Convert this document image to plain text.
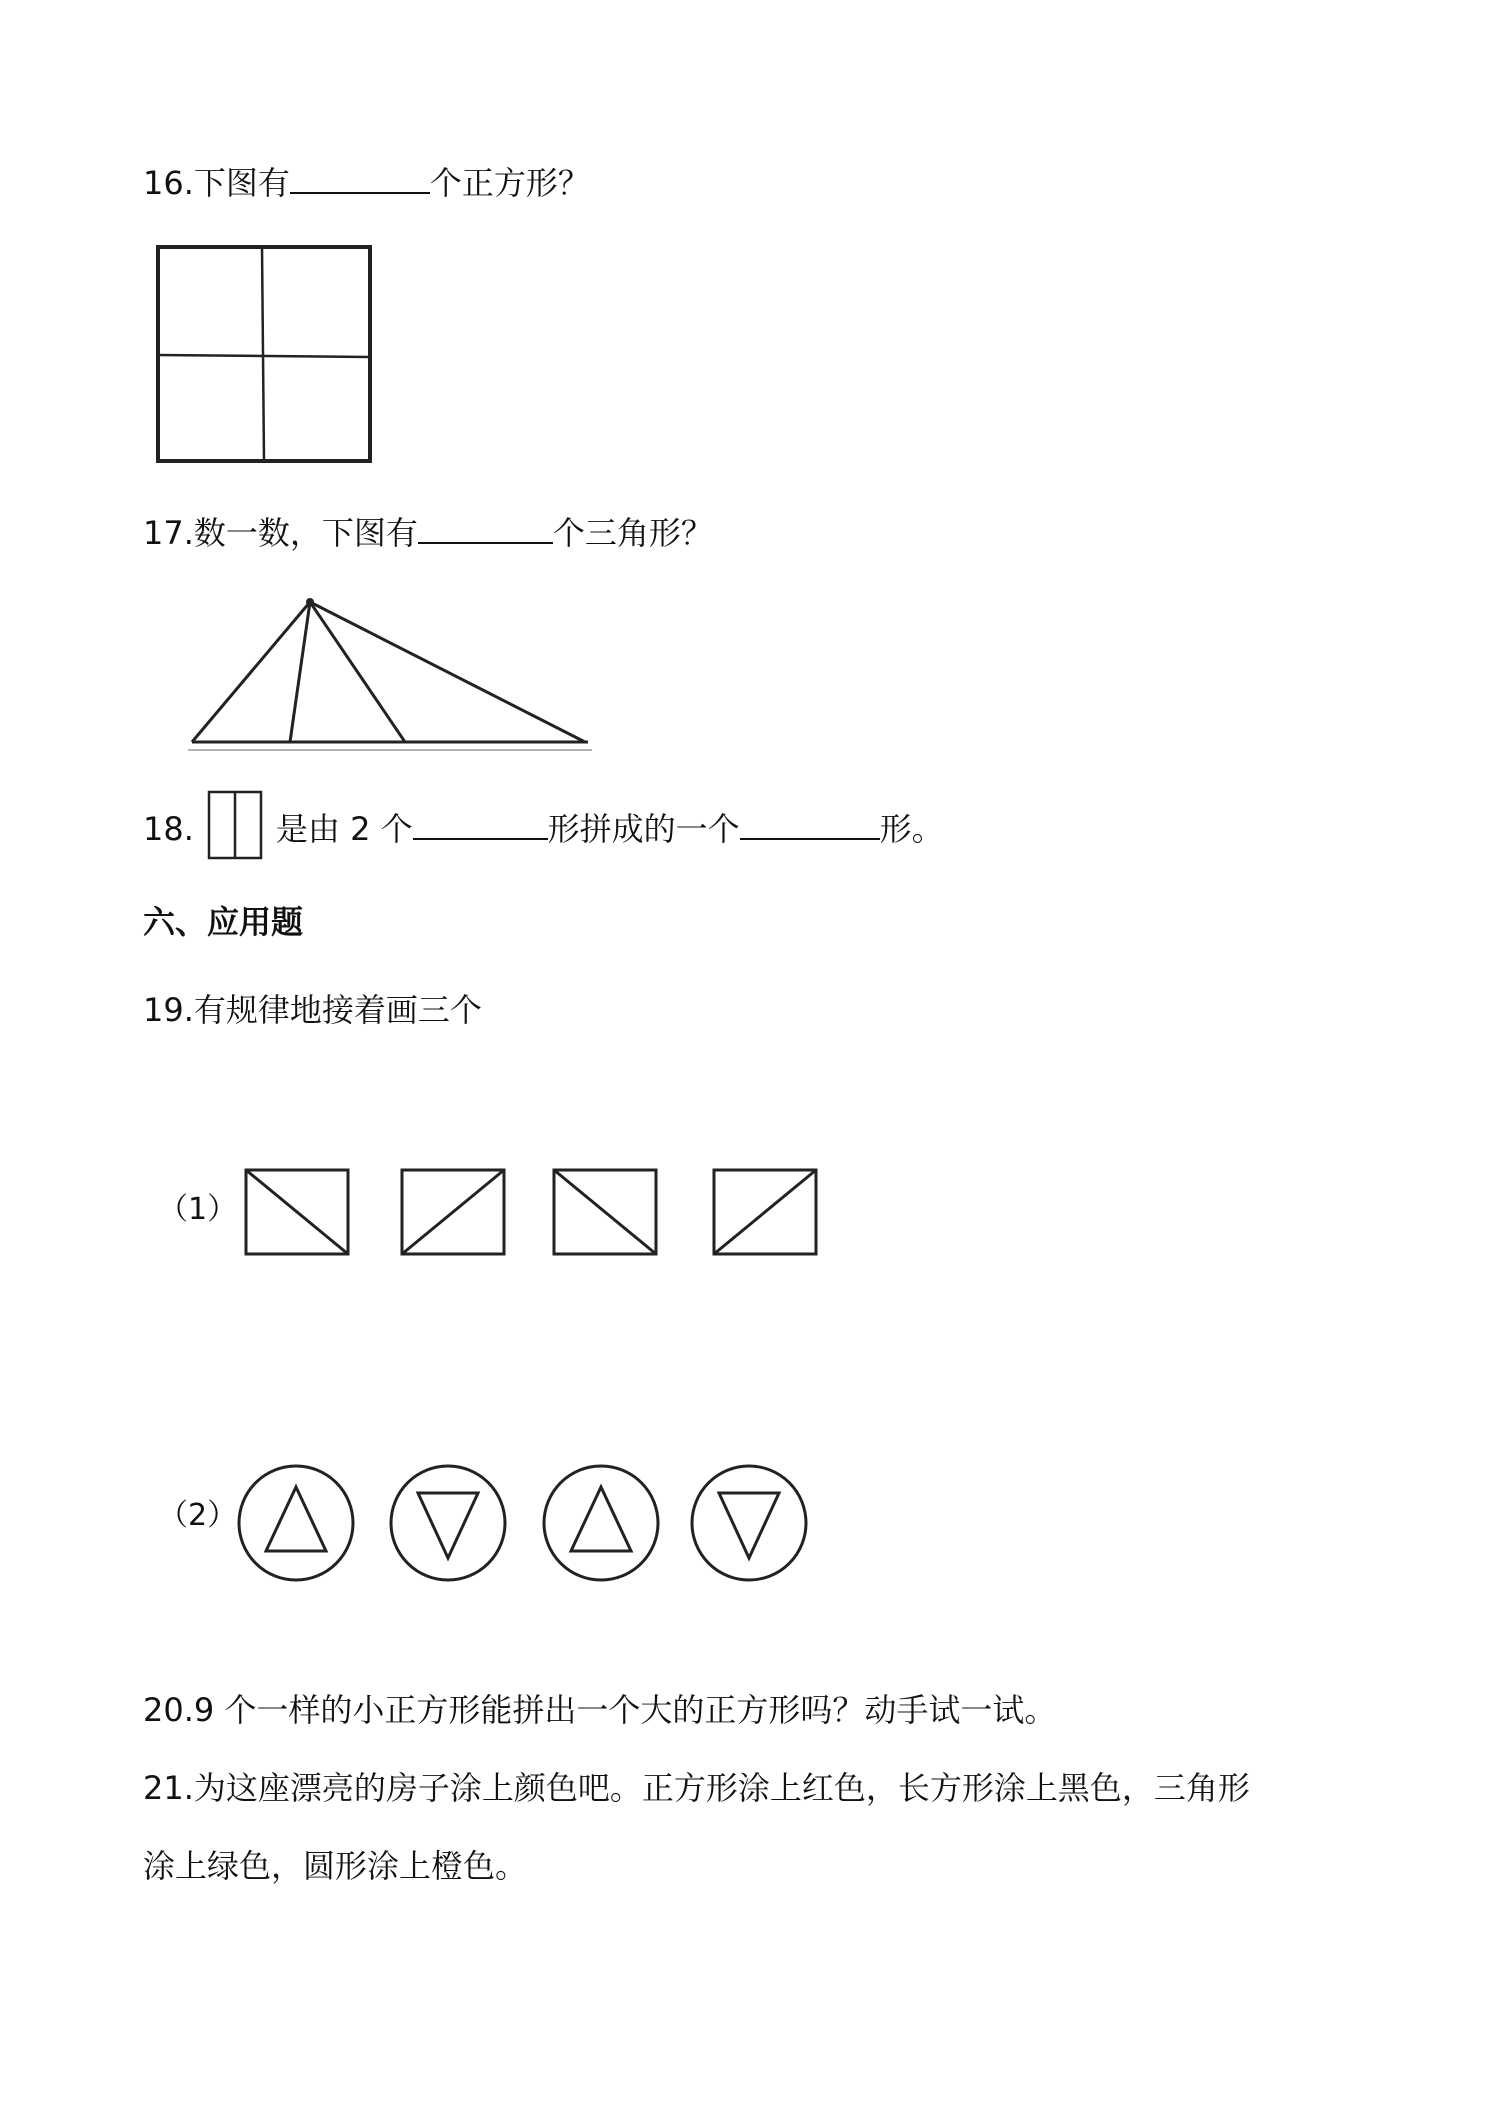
16.下图有	个正方形？
17.数一数，下图有	个三角形？
18.	是由 2 个	形拼成的一个	形。
六、应用题
19.有规律地接着画三个
（1）
（2）
20.9 个一样的小正方形能拼出一个大的正方形吗？动手试一试。
21.为这座漂亮的房子涂上颜色吧。正方形涂上红色，长方形涂上黑色，三角形
涂上绿色，圆形涂上橙色。
